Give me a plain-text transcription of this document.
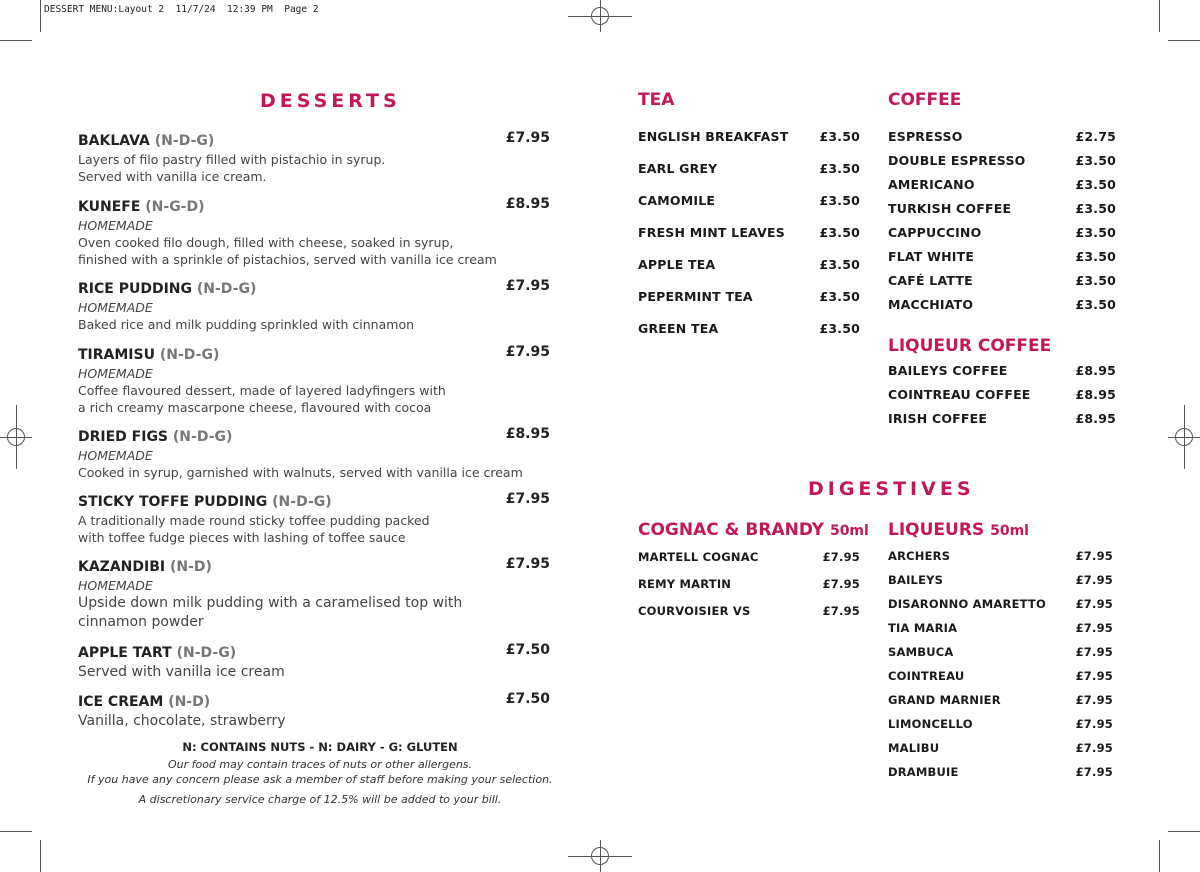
DESSERT MENU:Layout 2  11/7/24  12:39 PM  Page 2
DESSERTS
BAKLAVA (N-D-G)	£7.95
Layers of filo pastry filled with pistachio in syrup.
Served with vanilla ice cream.
KUNEFE (N-G-D)	£8.95
HOMEMADE
Oven cooked filo dough, filled with cheese, soaked in syrup,
finished with a sprinkle of pistachios, served with vanilla ice cream
RICE PUDDING (N-D-G)	£7.95
HOMEMADE
Baked rice and milk pudding sprinkled with cinnamon
TIRAMISU (N-D-G)	£7.95
HOMEMADE
Coffee flavoured dessert, made of layered ladyfingers with
a rich creamy mascarpone cheese, flavoured with cocoa
DRIED FIGS (N-D-G)	£8.95
HOMEMADE
Cooked in syrup, garnished with walnuts, served with vanilla ice cream
STICKY TOFFE PUDDING (N-D-G)	£7.95
A traditionally made round sticky toffee pudding packed
with toffee fudge pieces with lashing of toffee sauce
KAZANDIBI (N-D)	£7.95
HOMEMADE
Upside down milk pudding with a caramelised top with
cinnamon powder
APPLE TART (N-D-G)	£7.50
Served with vanilla ice cream
ICE CREAM (N-D)	£7.50
Vanilla, chocolate, strawberry
N: CONTAINS NUTS - N: DAIRY - G: GLUTEN
Our food may contain traces of nuts or other allergens.
If you have any concern please ask a member of staff before making your selection.
A discretionary service charge of 12.5% will be added to your bill.
TEA
ENGLISH BREAKFAST £3.50
EARL GREY	£3.50
CAMOMILE	£3.50
FRESH MINT LEAVES	£3.50
APPLE TEA	£3.50
PEPERMINT TEA	£3.50
GREEN TEA	£3.50
COFFEE
ESPRESSO	£2.75
DOUBLE ESPRESSO	£3.50
AMERICANO	£3.50
TURKISH COFFEE	£3.50
CAPPUCCINO	£3.50
FLAT WHITE	£3.50
CAFÉ LATTE	£3.50
MACCHIATO	£3.50
LIQUEUR COFFEE
BAILEYS COFFEE	£8.95
COINTREAU COFFEE	£8.95
IRISH COFFEE	£8.95
DIGESTIVES
COGNAC & BRANDY 50ml
MARTELL COGNAC	£7.95
REMY MARTIN	£7.95
COURVOISIER VS	£7.95
LIQUEURS 50ml
ARCHERS	£7.95
BAILEYS	£7.95
DISARONNO AMARETTO	£7.95
TIA MARIA	£7.95
SAMBUCA	£7.95
COINTREAU	£7.95
GRAND MARNIER	£7.95
LIMONCELLO	£7.95
MALIBU	£7.95
DRAMBUIE	£7.95
